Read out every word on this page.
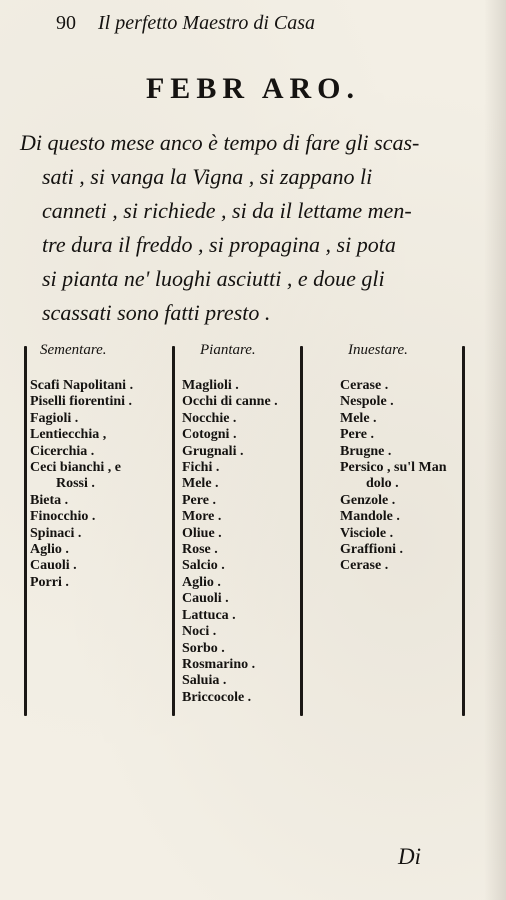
90 Il perfetto Maestro di Casa
FEBR ARO.
Di questo mese anco è tempo di fare gli scas-
sati , si vanga la Vigna , si zappano li
canneti , si richiede , si da il lettame men-
tre dura il freddo , si propagina , si pota
si pianta ne' luoghi asciutti , e doue gli
scassati sono fatti presto .
Sementare.	Piantare.	Inuestare.
Scafi Napolitani .
Piselli fiorentini .
Fagioli .
Lentiecchia ,
Cicerchia .
Ceci bianchi , e
Rossi .
Bieta .
Finocchio .
Spinaci .
Aglio .
Cauoli .
Porri .
Maglioli .
Occhi di canne .
Nocchie .
Cotogni .
Grugnali .
Fichi .
Mele .
Pere .
More .
Oliue .
Rose .
Salcio .
Aglio .
Cauoli .
Lattuca .
Noci .
Sorbo .
Rosmarino .
Saluia .
Briccocole .
Cerase .
Nespole .
Mele .
Pere .
Brugne .
Persico , su'l Man
dolo .
Genzole .
Mandole .
Visciole .
Graffioni .
Cerase .
Di
